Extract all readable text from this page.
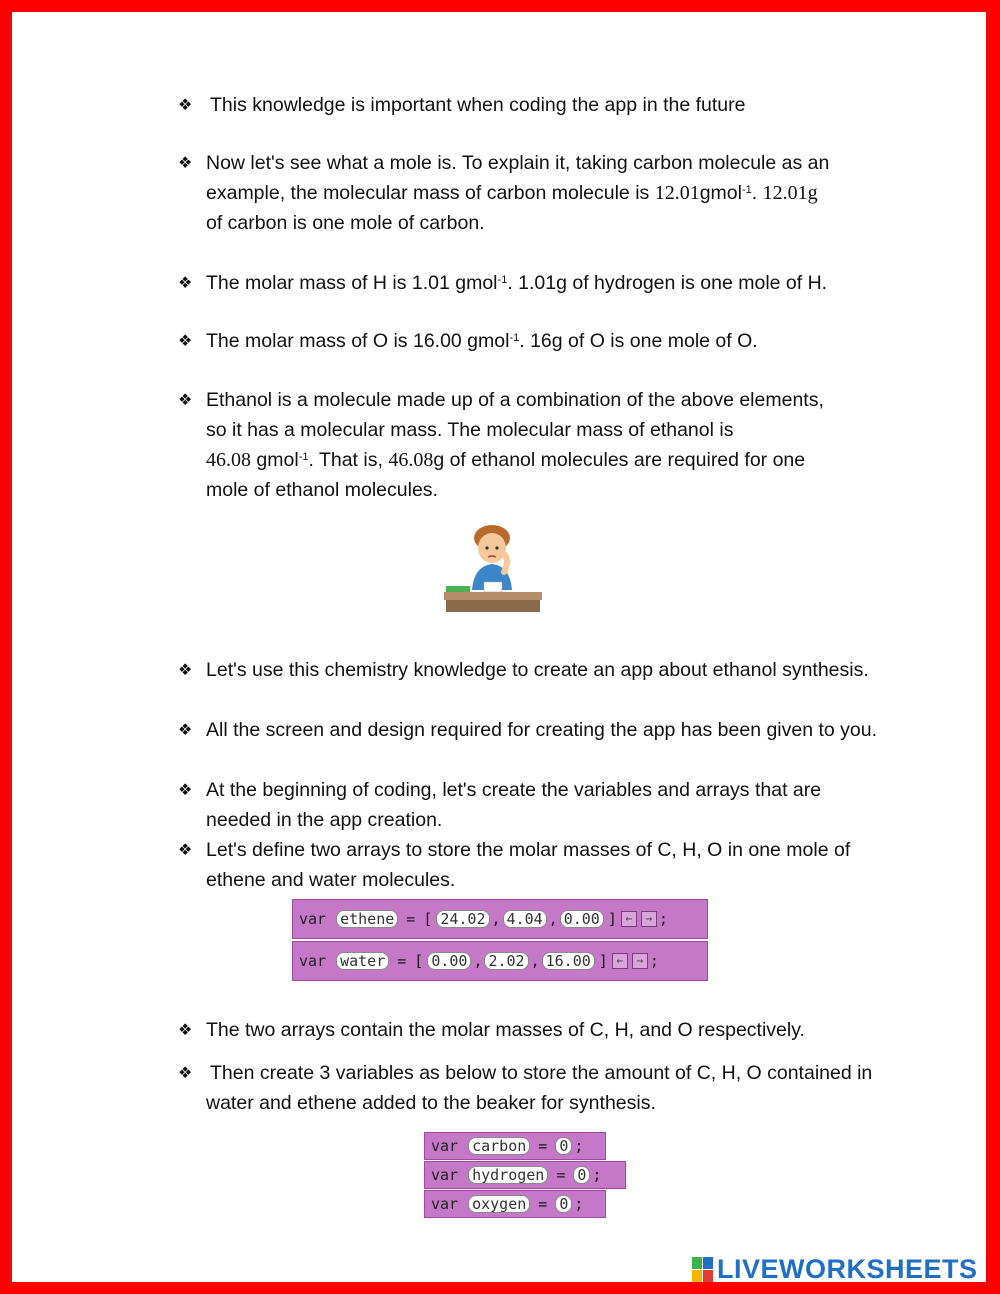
❖ This knowledge is important when coding the app in the future
❖ Now let's see what a mole is. To explain it, taking carbon molecule as an
example, the molecular mass of carbon molecule is 12.01gmol$^{-1}$. 12.01g
of carbon is one mole of carbon.
❖ The molar mass of H is 1.01 gmol$^{-1}$. 1.01g of hydrogen is one mole of H.
❖ The molar mass of O is 16.00 gmol$^{-1}$. 16g of O is one mole of O.
❖ Ethanol is a molecule made up of a combination of the above elements,
so it has a molecular mass. The molecular mass of ethanol is
46.08 gmol$^{-1}$. That is, 46.08g of ethanol molecules are required for one
mole of ethanol molecules.
❖ Let's use this chemistry knowledge to create an app about ethanol synthesis.
❖ All the screen and design required for creating the app has been given to you.
❖ At the beginning of coding, let's create the variables and arrays that are needed in the app creation.
❖ Let's define two arrays to store the molar masses of C, H, O in one mole of ethene and water molecules.
var ethene = [ 24.02 , 4.04 , 0.00 ] ←	→ ;
var water = [ 0.00 , 2.02 , 16.00 ] ←	→ ;
❖ The two arrays contain the molar masses of C, H, and O respectively.
❖ Then create 3 variables as below to store the amount of C, H, O contained in water and ethene added to the beaker for synthesis.
var carbon = 0 ;
var hydrogen = 0 ;
var oxygen = 0 ;
LIVEWORKSHEETS
